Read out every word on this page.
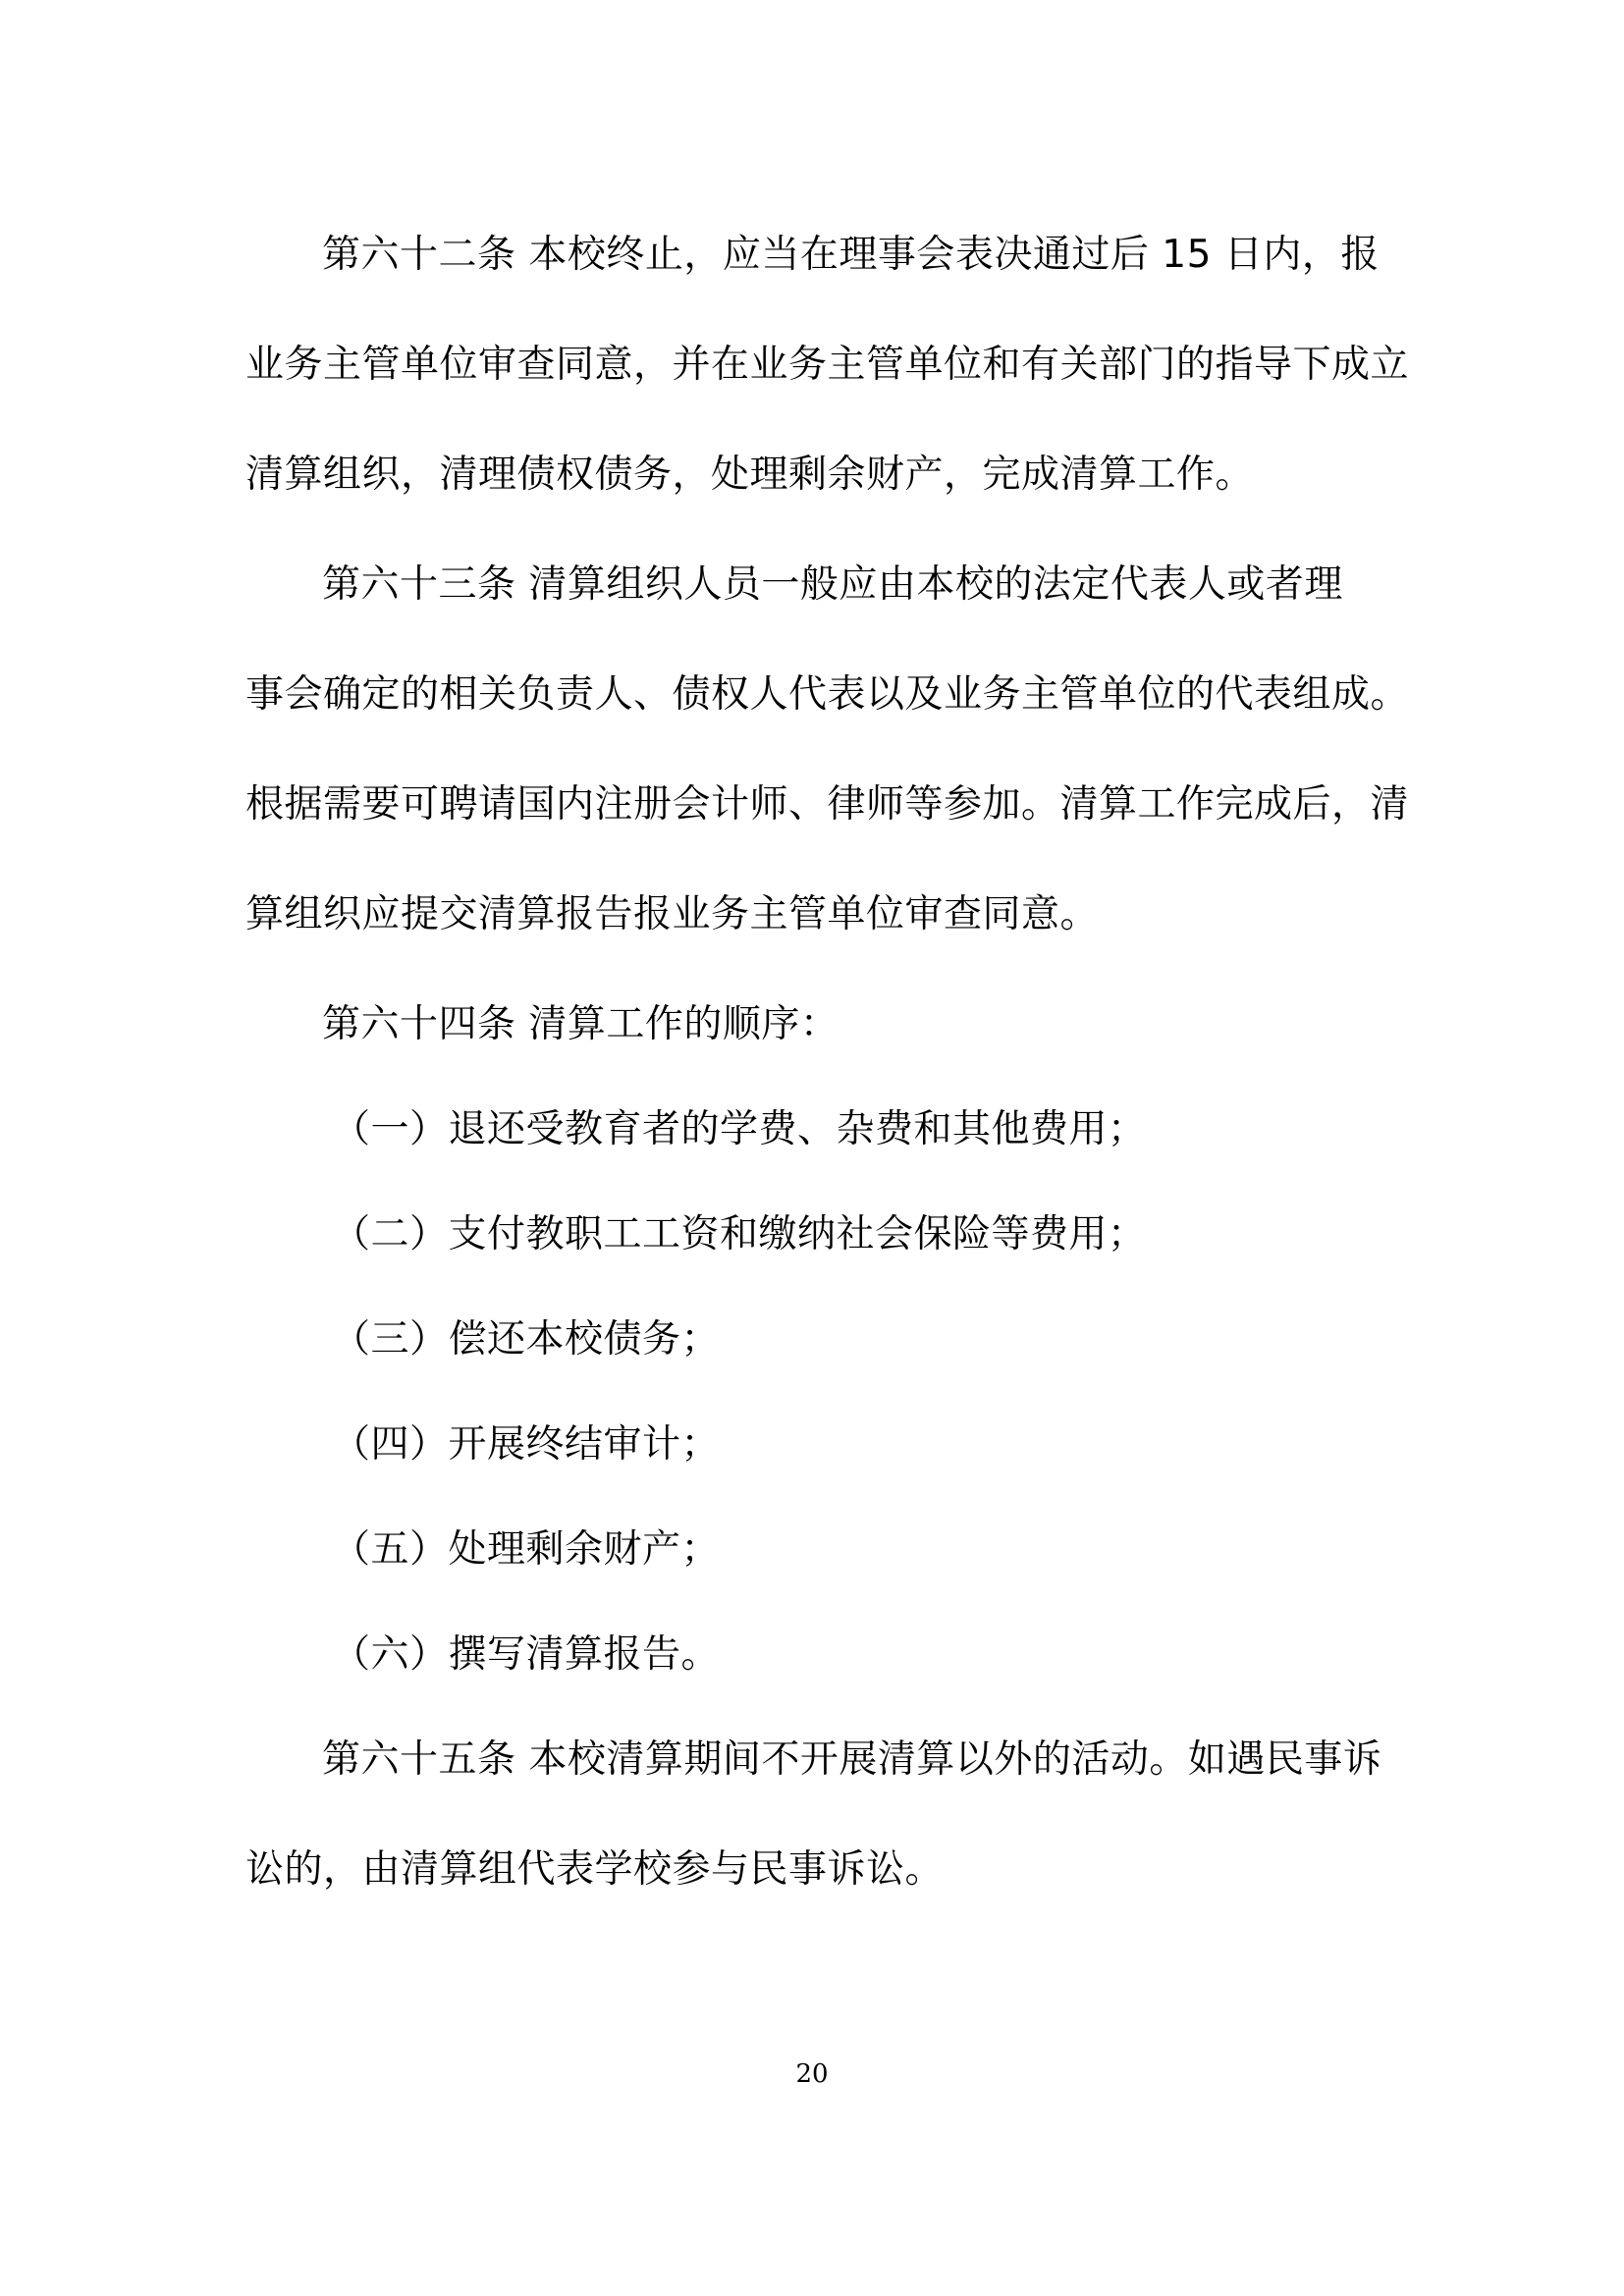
第六十二条 本校终止，应当在理事会表决通过后 15 日内，报
业务主管单位审查同意，并在业务主管单位和有关部门的指导下成立
清算组织，清理债权债务，处理剩余财产，完成清算工作。
第六十三条 清算组织人员一般应由本校的法定代表人或者理
事会确定的相关负责人、债权人代表以及业务主管单位的代表组成。
根据需要可聘请国内注册会计师、律师等参加。清算工作完成后，清
算组织应提交清算报告报业务主管单位审查同意。
第六十四条 清算工作的顺序：
（一）退还受教育者的学费、杂费和其他费用；
（二）支付教职工工资和缴纳社会保险等费用；
（三）偿还本校债务；
（四）开展终结审计；
（五）处理剩余财产；
（六）撰写清算报告。
第六十五条 本校清算期间不开展清算以外的活动。如遇民事诉
讼的，由清算组代表学校参与民事诉讼。
20
